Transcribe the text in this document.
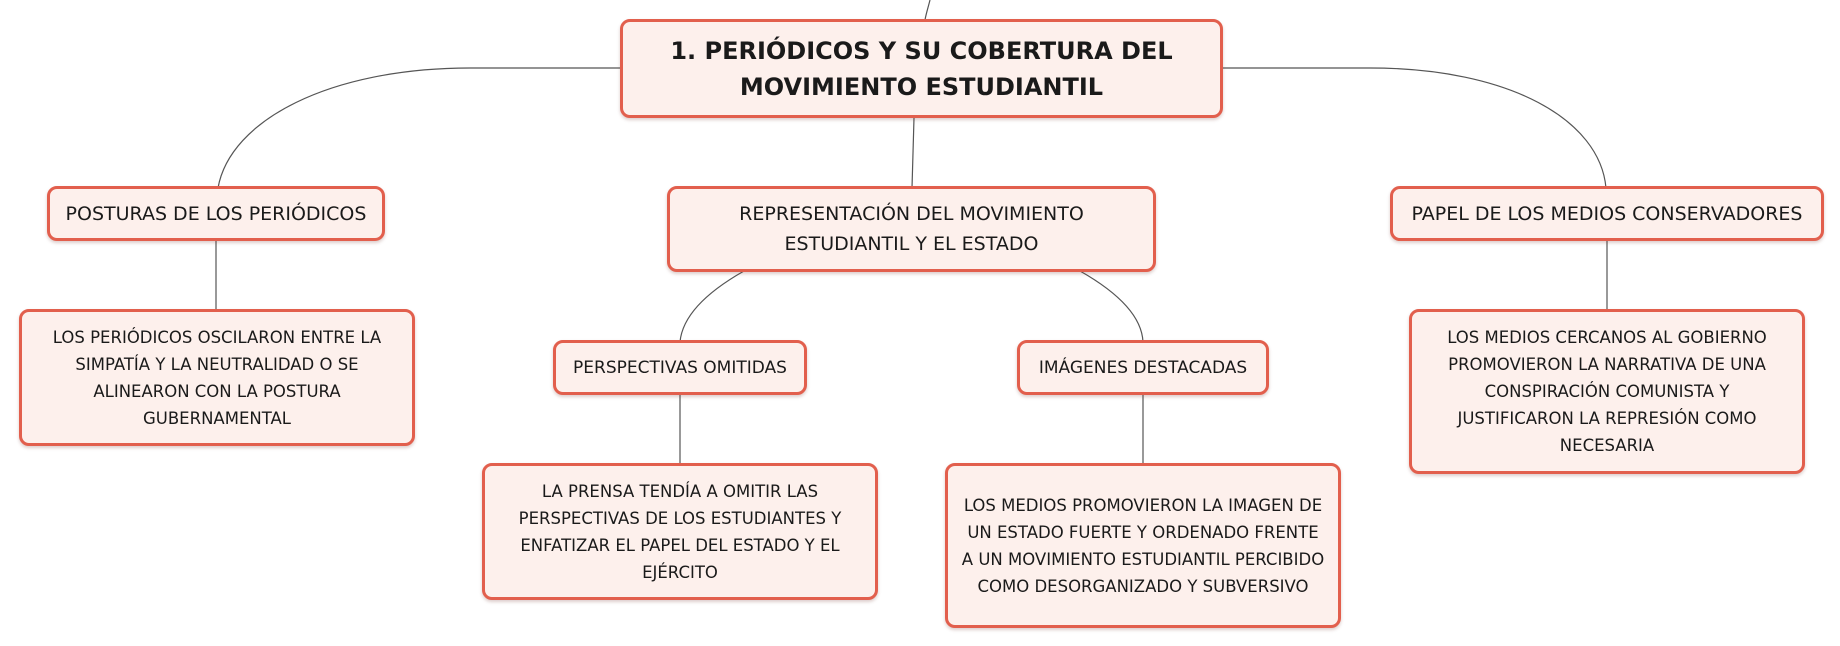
1. PERIÓDICOS Y SU COBERTURA DEL MOVIMIENTO ESTUDIANTIL
POSTURAS DE LOS PERIÓDICOS
LOS PERIÓDICOS OSCILARON ENTRE LA SIMPATÍA Y LA NEUTRALIDAD O SE ALINEARON CON LA POSTURA GUBERNAMENTAL
REPRESENTACIÓN DEL MOVIMIENTO ESTUDIANTIL Y EL ESTADO
PERSPECTIVAS OMITIDAS
LA PRENSA TENDÍA A OMITIR LAS PERSPECTIVAS DE LOS ESTUDIANTES Y ENFATIZAR EL PAPEL DEL ESTADO Y EL EJÉRCITO
IMÁGENES DESTACADAS
LOS MEDIOS PROMOVIERON LA IMAGEN DE UN ESTADO FUERTE Y ORDENADO FRENTE A UN MOVIMIENTO ESTUDIANTIL PERCIBIDO COMO DESORGANIZADO Y SUBVERSIVO
PAPEL DE LOS MEDIOS CONSERVADORES
LOS MEDIOS CERCANOS AL GOBIERNO PROMOVIERON LA NARRATIVA DE UNA CONSPIRACIÓN COMUNISTA Y JUSTIFICARON LA REPRESIÓN COMO NECESARIA
